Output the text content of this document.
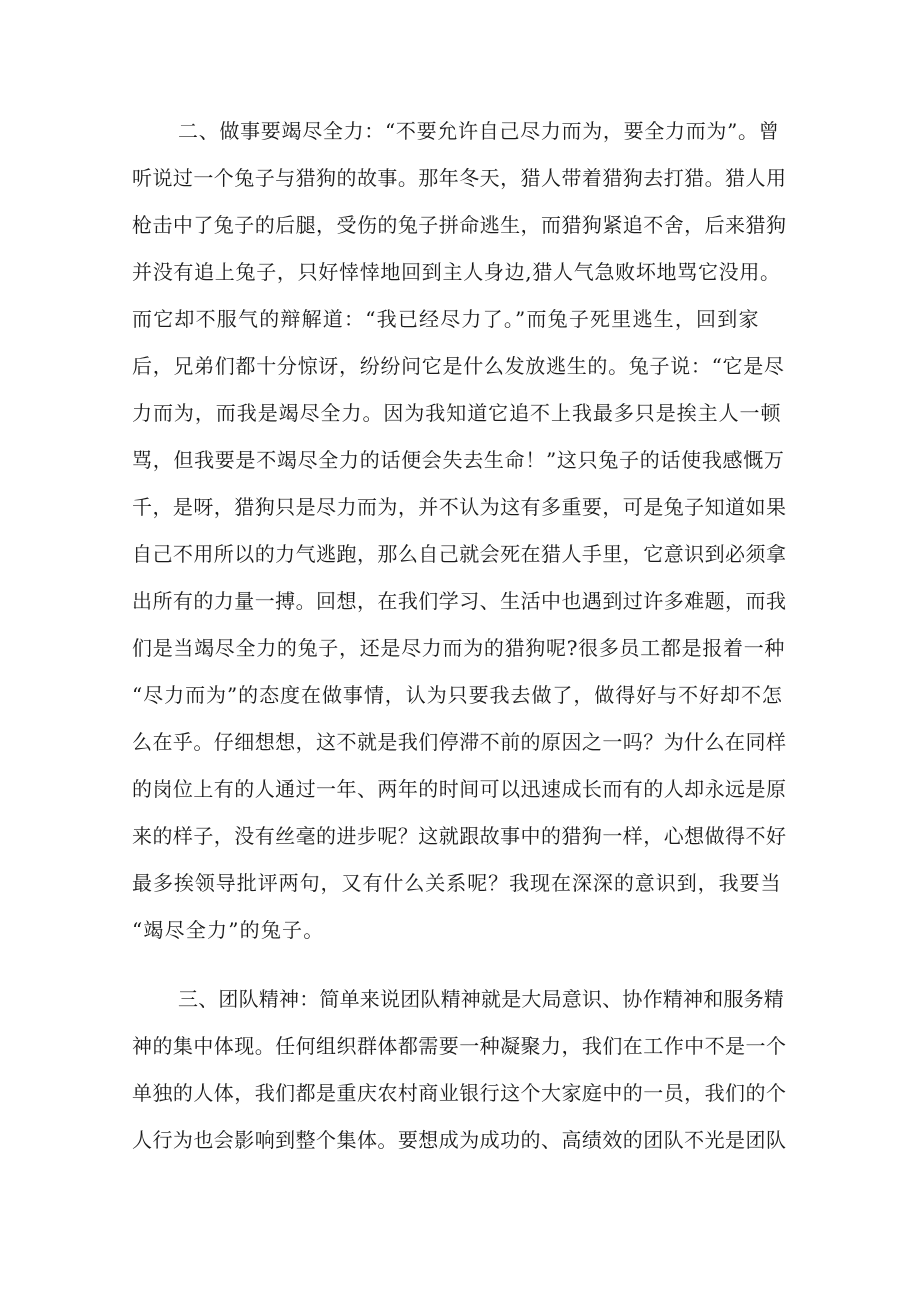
二、做事要竭尽全力：“不要允许自己尽力而为，要全力而为”。曾
听说过一个兔子与猎狗的故事。那年冬天，猎人带着猎狗去打猎。猎人用
枪击中了兔子的后腿，受伤的兔子拼命逃生，而猎狗紧追不舍，后来猎狗
并没有追上兔子，只好悻悻地回到主人身边,猎人气急败坏地骂它没用。
而它却不服气的辩解道：“我已经尽力了。”而兔子死里逃生，回到家
后，兄弟们都十分惊讶，纷纷问它是什么发放逃生的。兔子说：“它是尽
力而为，而我是竭尽全力。因为我知道它追不上我最多只是挨主人一顿
骂，但我要是不竭尽全力的话便会失去生命！”这只兔子的话使我感慨万
千，是呀，猎狗只是尽力而为，并不认为这有多重要，可是兔子知道如果
自己不用所以的力气逃跑，那么自己就会死在猎人手里，它意识到必须拿
出所有的力量一搏。回想，在我们学习、生活中也遇到过许多难题，而我
们是当竭尽全力的兔子，还是尽力而为的猎狗呢?很多员工都是报着一种
“尽力而为”的态度在做事情，认为只要我去做了，做得好与不好却不怎
么在乎。仔细想想，这不就是我们停滞不前的原因之一吗？为什么在同样
的岗位上有的人通过一年、两年的时间可以迅速成长而有的人却永远是原
来的样子，没有丝毫的进步呢？这就跟故事中的猎狗一样，心想做得不好
最多挨领导批评两句，又有什么关系呢？我现在深深的意识到，我要当
“竭尽全力”的兔子。
三、团队精神：简单来说团队精神就是大局意识、协作精神和服务精
神的集中体现。任何组织群体都需要一种凝聚力，我们在工作中不是一个
单独的人体，我们都是重庆农村商业银行这个大家庭中的一员，我们的个
人行为也会影响到整个集体。要想成为成功的、高绩效的团队不光是团队
